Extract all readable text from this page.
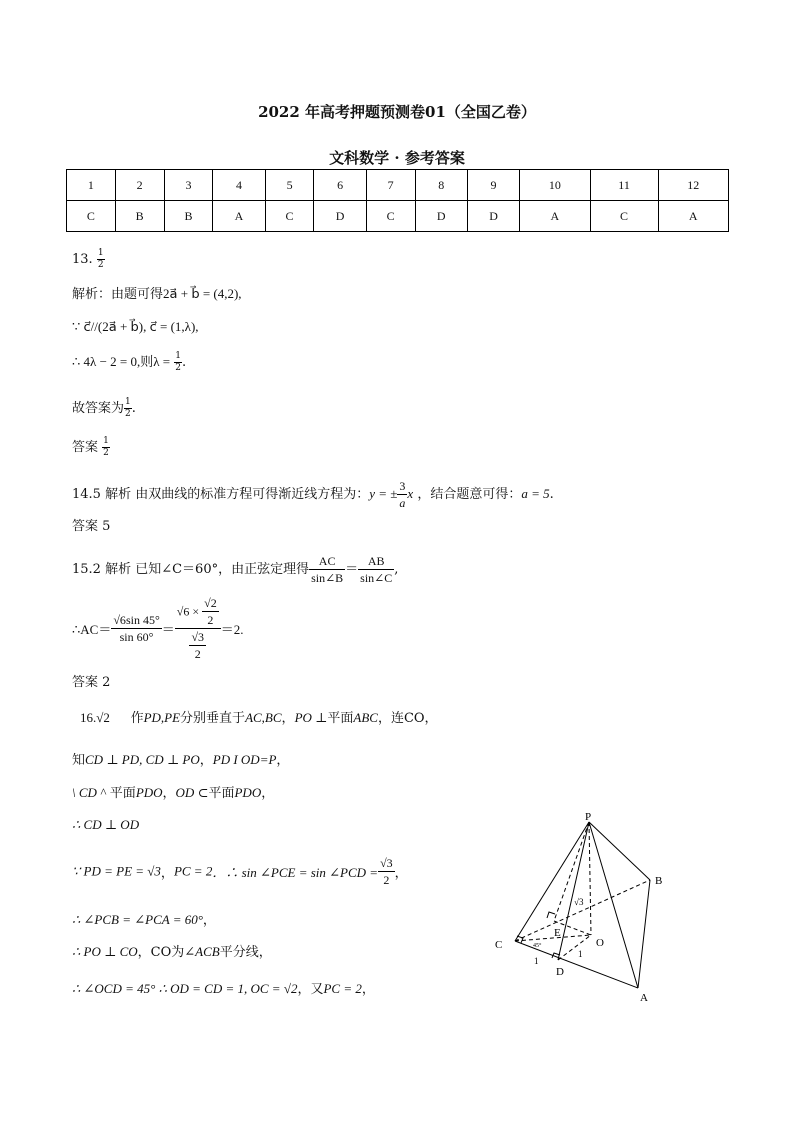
2022 年高考押题预测卷01（全国乙卷）
文科数学 · 参考答案
1	2	3	4	5	6	7	8	9	10	11	12
C	B	B	A	C	D	C	D	D	A	C	A
13. $\frac{1}{2}$
解析：由题可得2a⃗ + b⃗ = (4,2),
∵ c⃗//(2a⃗ + b⃗), c⃗ = (1,λ),
∴ 4λ − 2 = 0,则$\lambda = \frac{1}{2}$ .
故答案为 $\frac{1}{2}$ .
答案 $\frac{1}{2}$
14.5 解析 由双曲线的标准方程可得渐近线方程为：y = ± $\frac{3}{a}$ x ，结合题意可得：a = 5.
答案 5
15.2 解析 已知∠C＝60°，由正弦定理得 $\frac{AC}{\sin\angle B} = \frac{AB}{\sin\angle C}$ ,
∴AC＝ $\frac{√6\sin 45^\circ}{\sin 60^\circ} = \frac{√6 \times \frac{√2}{2}}{\frac{√3}{2}} =2$.
答案 2
16.√2 作PD,PE分别垂直于AC,BC，PO ⊥平面ABC，连CO，
知CD ⊥ PD, CD ⊥ PO，PD I OD=P，
\ CD ^ 平面PDO，OD ⊂平面PDO，
∴ CD ⊥ OD
∵ PD = PE = √3，PC = 2．∴ sin ∠PCE = sin ∠PCD = $\frac{√3}{2}$ ，
∴ ∠PCB = ∠PCA = 60°，
∴ PO ⊥ CO，CO为∠ACB平分线，
∴ ∠OCD = 45° ∴ OD = CD = 1, OC = √2，又PC = 2，
P
B
C
E
O
D
A
√3
1
1
45°
